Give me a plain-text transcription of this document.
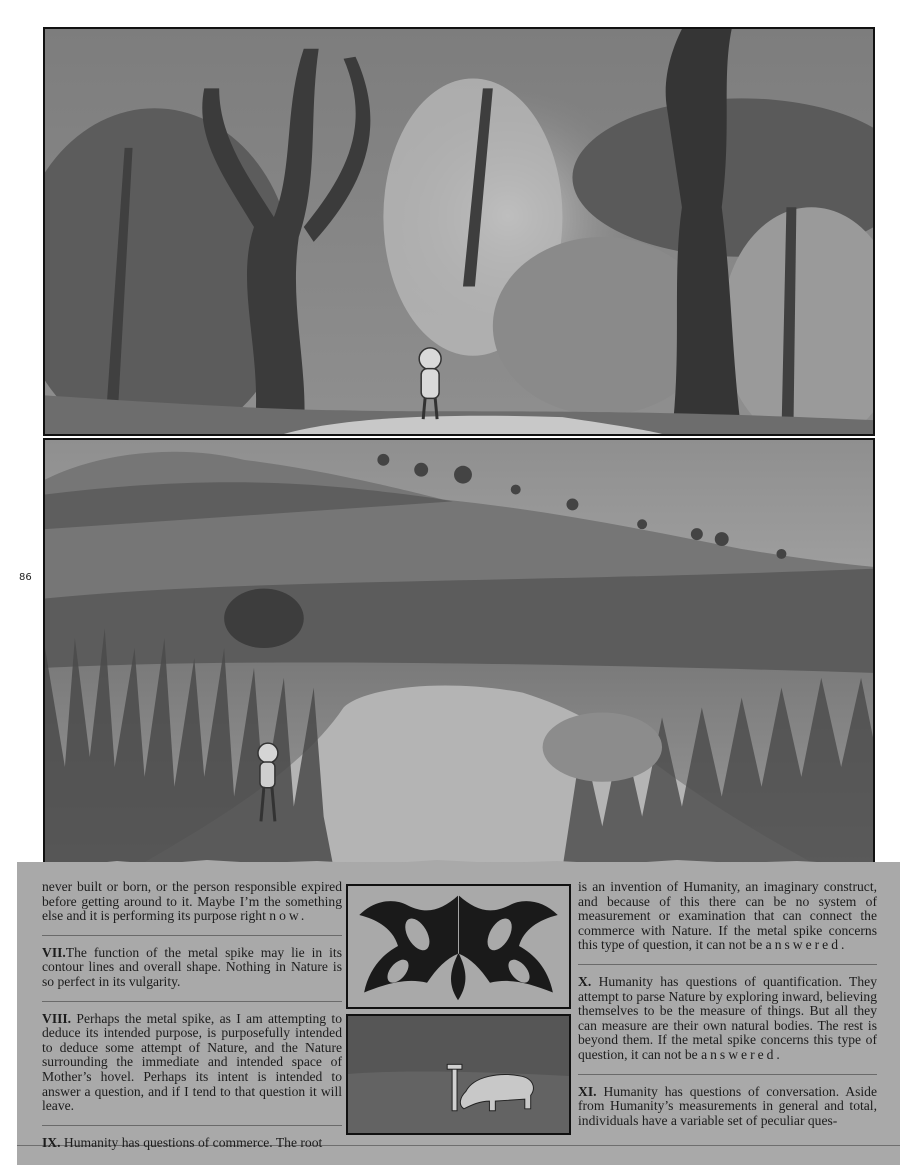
86

never built or born, or the person responsible expired before getting around to it. Maybe I’m the something else and it is performing its purpose right now.

VII.The function of the metal spike may lie in its contour lines and overall shape. Nothing in Nature is so perfect in its vulgarity.

VIII. Perhaps the metal spike, as I am attempting to deduce its intended purpose, is purposefully intended to deduce some attempt of Nature, and the Nature surrounding the immediate and intended space of Mother’s hovel. Perhaps its intent is intended to answer a question, and if I tend to that question it will leave.

IX. Humanity has questions of commerce. The root

is an invention of Humanity, an imaginary construct, and because of this there can be no system of measurement or examination that can connect the commerce with Nature. If the metal spike concerns this type of question, it can not be answered.

X. Humanity has questions of quantification. They attempt to parse Nature by exploring inward, believing themselves to be the measure of things. But all they can measure are their own natural bodies. The rest is beyond them. If the metal spike concerns this type of question, it can not be answered.

XI. Humanity has questions of conversation. Aside from Humanity’s measurements in general and total, individuals have a variable set of peculiar ques-
